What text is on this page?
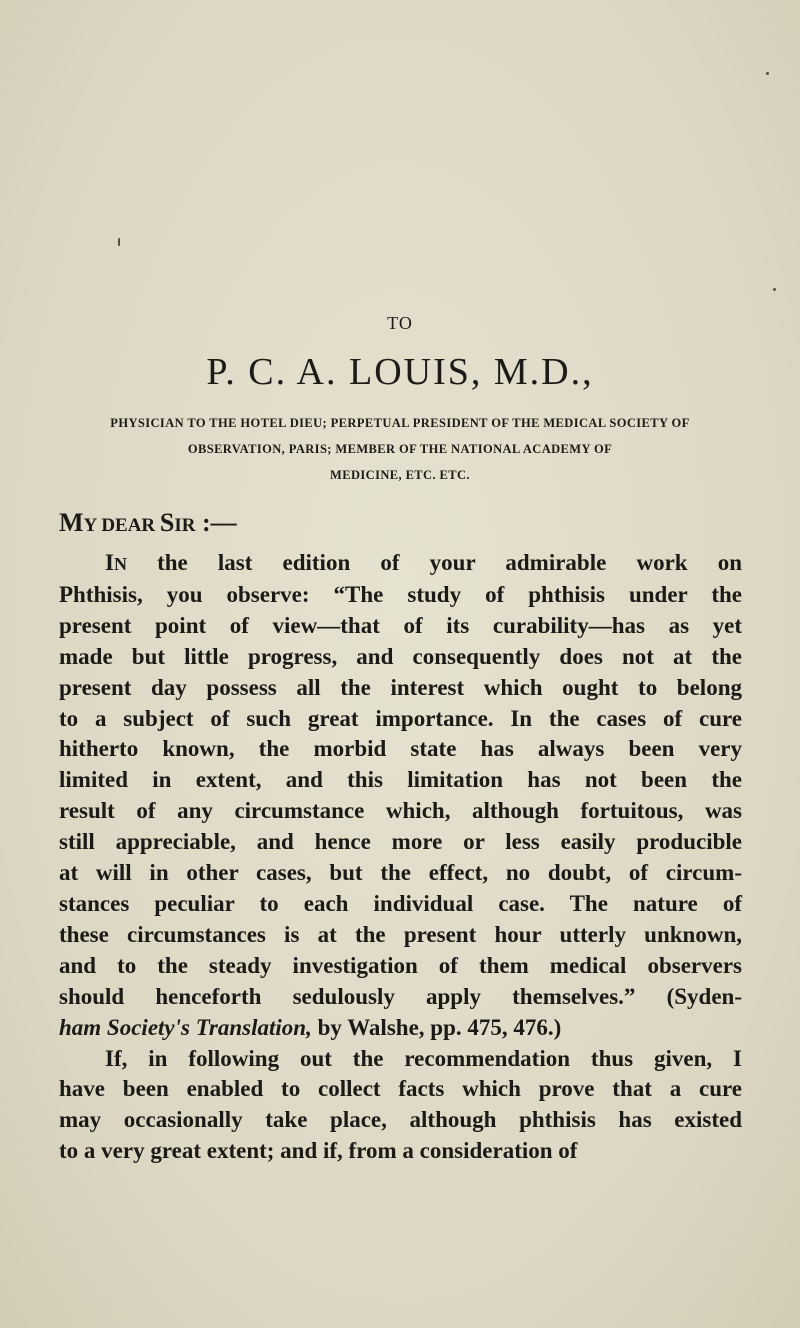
TO
P. C. A. LOUIS, M.D.,
PHYSICIAN TO THE HOTEL DIEU; PERPETUAL PRESIDENT OF THE MEDICAL SOCIETY OF
OBSERVATION, PARIS; MEMBER OF THE NATIONAL ACADEMY OF
MEDICINE, ETC. ETC.
MY DEAR SIR :—
IN the last edition of your admirable work on
Phthisis, you observe: “The study of phthisis under the
present point of view—that of its curability—has as yet
made but little progress, and consequently does not at the
present day possess all the interest which ought to belong
to a subject of such great importance. In the cases of cure
hitherto known, the morbid state has always been very
limited in extent, and this limitation has not been the
result of any circumstance which, although fortuitous, was
still appreciable, and hence more or less easily producible
at will in other cases, but the effect, no doubt, of circum-
stances peculiar to each individual case. The nature of
these circumstances is at the present hour utterly unknown,
and to the steady investigation of them medical observers
should henceforth sedulously apply themselves.” (Syden-
ham Society's Translation, by Walshe, pp. 475, 476.)
If, in following out the recommendation thus given, I
have been enabled to collect facts which prove that a cure
may occasionally take place, although phthisis has existed
to a very great extent; and if, from a consideration of
